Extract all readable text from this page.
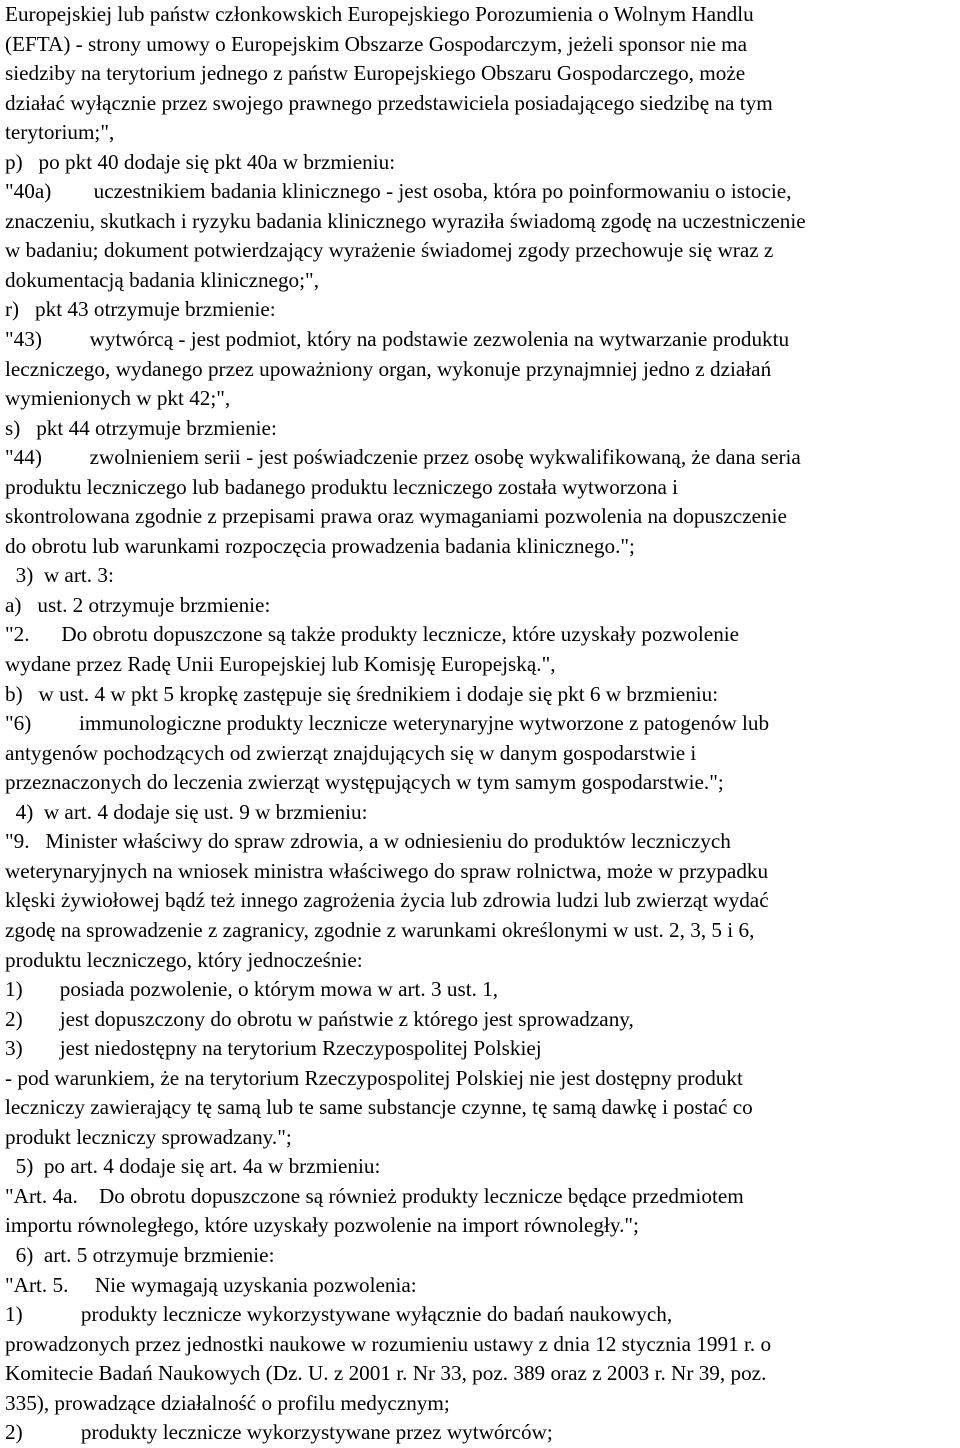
Europejskiej lub państw członkowskich Europejskiego Porozumienia o Wolnym Handlu
(EFTA) - strony umowy o Europejskim Obszarze Gospodarczym, jeżeli sponsor nie ma
siedziby na terytorium jednego z państw Europejskiego Obszaru Gospodarczego, może
działać wyłącznie przez swojego prawnego przedstawiciela posiadającego siedzibę na tym
terytorium;",
p)   po pkt 40 dodaje się pkt 40a w brzmieniu:
"40a)        uczestnikiem badania klinicznego - jest osoba, która po poinformowaniu o istocie,
znaczeniu, skutkach i ryzyku badania klinicznego wyraziła świadomą zgodę na uczestniczenie
w badaniu; dokument potwierdzający wyrażenie świadomej zgody przechowuje się wraz z
dokumentacją badania klinicznego;",
r)   pkt 43 otrzymuje brzmienie:
"43)         wytwórcą - jest podmiot, który na podstawie zezwolenia na wytwarzanie produktu
leczniczego, wydanego przez upoważniony organ, wykonuje przynajmniej jedno z działań
wymienionych w pkt 42;",
s)   pkt 44 otrzymuje brzmienie:
"44)         zwolnieniem serii - jest poświadczenie przez osobę wykwalifikowaną, że dana seria
produktu leczniczego lub badanego produktu leczniczego została wytworzona i
skontrolowana zgodnie z przepisami prawa oraz wymaganiami pozwolenia na dopuszczenie
do obrotu lub warunkami rozpoczęcia prowadzenia badania klinicznego.";
3)  w art. 3:
a)   ust. 2 otrzymuje brzmienie:
"2.      Do obrotu dopuszczone są także produkty lecznicze, które uzyskały pozwolenie
wydane przez Radę Unii Europejskiej lub Komisję Europejską.",
b)   w ust. 4 w pkt 5 kropkę zastępuje się średnikiem i dodaje się pkt 6 w brzmieniu:
"6)         immunologiczne produkty lecznicze weterynaryjne wytworzone z patogenów lub
antygenów pochodzących od zwierząt znajdujących się w danym gospodarstwie i
przeznaczonych do leczenia zwierząt występujących w tym samym gospodarstwie.";
4)  w art. 4 dodaje się ust. 9 w brzmieniu:
"9.   Minister właściwy do spraw zdrowia, a w odniesieniu do produktów leczniczych
weterynaryjnych na wniosek ministra właściwego do spraw rolnictwa, może w przypadku
klęski żywiołowej bądź też innego zagrożenia życia lub zdrowia ludzi lub zwierząt wydać
zgodę na sprowadzenie z zagranicy, zgodnie z warunkami określonymi w ust. 2, 3, 5 i 6,
produktu leczniczego, który jednocześnie:
1)       posiada pozwolenie, o którym mowa w art. 3 ust. 1,
2)       jest dopuszczony do obrotu w państwie z którego jest sprowadzany,
3)       jest niedostępny na terytorium Rzeczypospolitej Polskiej
- pod warunkiem, że na terytorium Rzeczypospolitej Polskiej nie jest dostępny produkt
leczniczy zawierający tę samą lub te same substancje czynne, tę samą dawkę i postać co
produkt leczniczy sprowadzany.";
5)  po art. 4 dodaje się art. 4a w brzmieniu:
"Art. 4a.    Do obrotu dopuszczone są również produkty lecznicze będące przedmiotem
importu równoległego, które uzyskały pozwolenie na import równoległy.";
6)  art. 5 otrzymuje brzmienie:
"Art. 5.     Nie wymagają uzyskania pozwolenia:
1)           produkty lecznicze wykorzystywane wyłącznie do badań naukowych,
prowadzonych przez jednostki naukowe w rozumieniu ustawy z dnia 12 stycznia 1991 r. o
Komitecie Badań Naukowych (Dz. U. z 2001 r. Nr 33, poz. 389 oraz z 2003 r. Nr 39, poz.
335), prowadzące działalność o profilu medycznym;
2)           produkty lecznicze wykorzystywane przez wytwórców;
